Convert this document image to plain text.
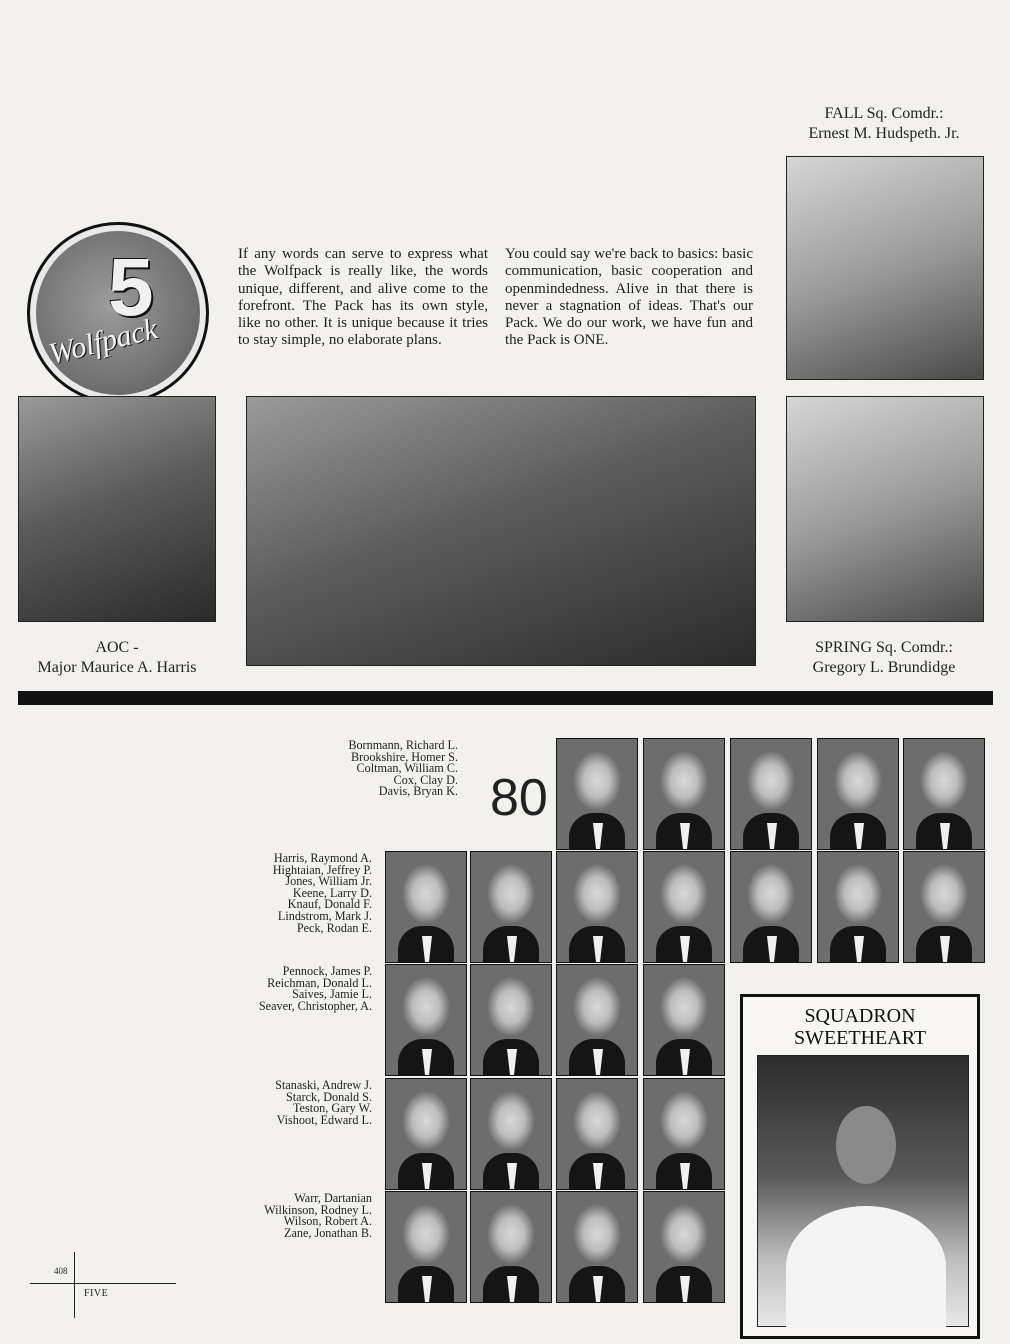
FALL Sq. Comdr.:
Ernest M. Hudspeth. Jr.
5
Wolfpack
If any words can serve to express what the Wolfpack is really like, the words unique, different, and alive come to the forefront. The Pack has its own style, like no other. It is unique because it tries to stay simple, no elaborate plans.
You could say we're back to basics: basic communication, basic cooperation and openmindedness. Alive in that there is never a stagnation of ideas. That's our Pack. We do our work, we have fun and the Pack is ONE.
AOC -
Major Maurice A. Harris
SPRING Sq. Comdr.:
Gregory L. Brundidge
80
Bornmann, Richard L.
Brookshire, Homer S.
Coltman, William C.
Cox, Clay D.
Davis, Bryan K.
Harris, Raymond A.
Hightaian, Jeffrey P.
Jones, William Jr.
Keene, Larry D.
Knauf, Donald F.
Lindstrom, Mark J.
Peck, Rodan E.
Pennock, James P.
Reichman, Donald L.
Saives, Jamie L.
Seaver, Christopher, A.
Stanaski, Andrew J.
Starck, Donald S.
Teston, Gary W.
Vishoot, Edward L.
Warr, Dartanian
Wilkinson, Rodney L.
Wilson, Robert A.
Zane, Jonathan B.
SQUADRON
SWEETHEART
408
FIVE
